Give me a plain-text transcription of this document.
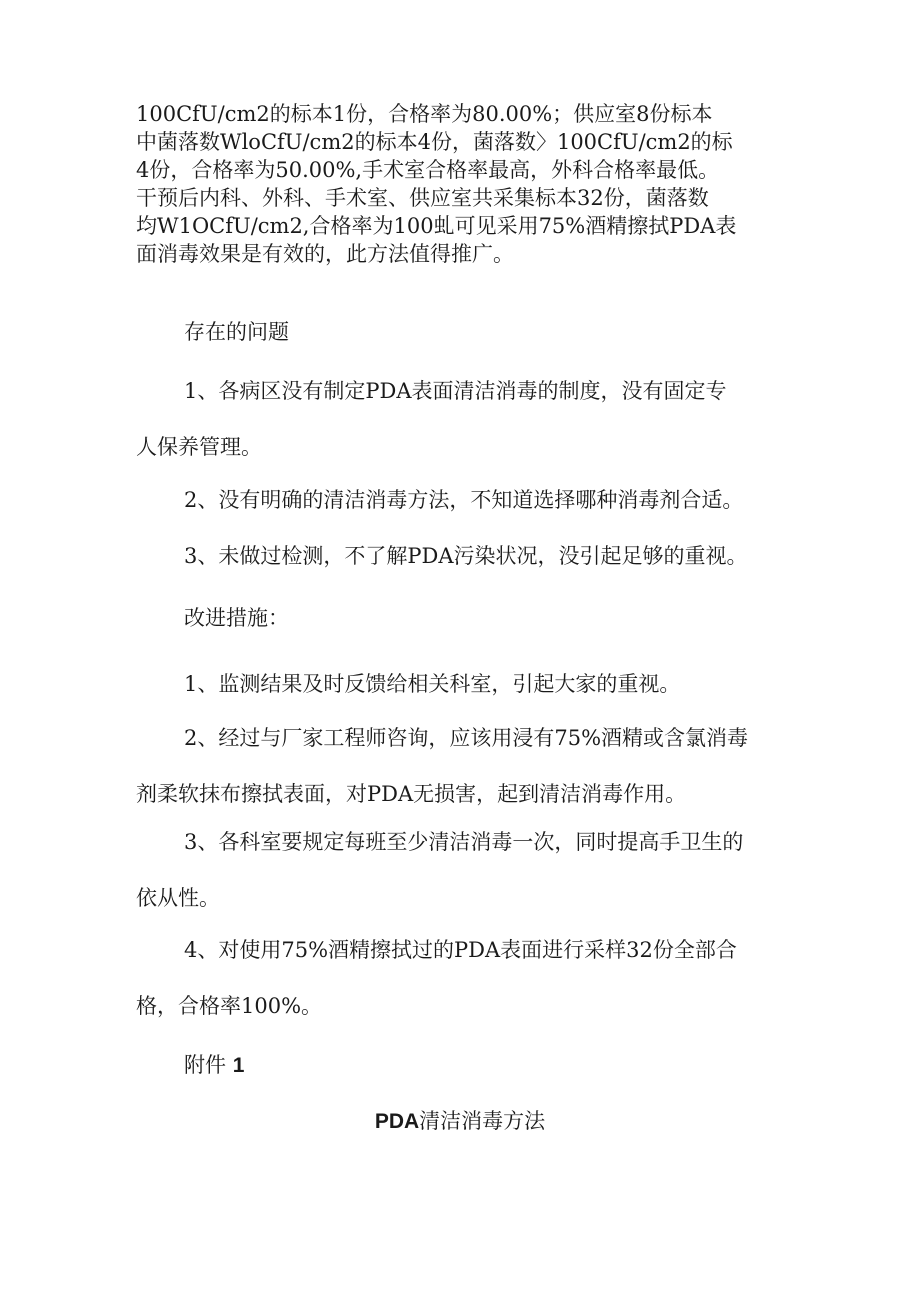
100CfU/cm2的标本1份，合格率为80.00%；供应室8份标本
中菌落数WloCfU/cm2的标本4份，菌落数〉100CfU/cm2的标
4份，合格率为50.00%,手术室合格率最高，外科合格率最低。
干预后内科、外科、手术室、供应室共采集标本32份，菌落数
均W1OCfU/cm2,合格率为100虬可见采用75%酒精擦拭PDA表
面消毒效果是有效的，此方法值得推广。
存在的问题
1、各病区没有制定PDA表面清洁消毒的制度，没有固定专
人保养管理。
2、没有明确的清洁消毒方法，不知道选择哪种消毒剂合适。
3、未做过检测，不了解PDA污染状况，没引起足够的重视。
改进措施：
1、监测结果及时反馈给相关科室，引起大家的重视。
2、经过与厂家工程师咨询，应该用浸有75%酒精或含氯消毒
剂柔软抹布擦拭表面，对PDA无损害，起到清洁消毒作用。
3、各科室要规定每班至少清洁消毒一次，同时提高手卫生的
依从性。
4、对使用75%酒精擦拭过的PDA表面进行采样32份全部合
格，合格率100%。
附件 1
PDA清洁消毒方法
